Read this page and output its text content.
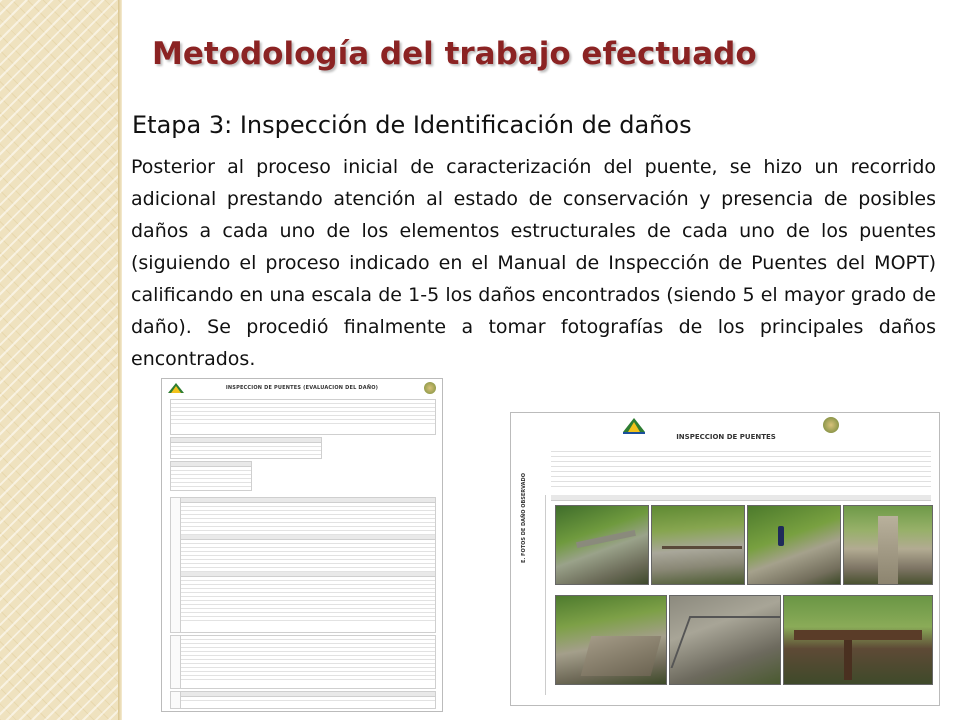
Metodología del trabajo efectuado
Etapa 3: Inspección de Identificación de daños

Posterior al proceso inicial de caracterización del puente, se hizo un recorrido adicional prestando atención al estado de conservación y presencia de posibles daños a cada uno de los elementos estructurales de cada uno de los puentes (siguiendo el proceso indicado en el Manual de Inspección de Puentes del MOPT) calificando en una escala de 1-5 los daños encontrados (siendo 5 el mayor grado de daño). Se procedió finalmente a tomar fotografías de los principales daños encontrados.

INSPECCION DE PUENTES (EVALUACION DEL DAÑO)
INSPECCION DE PUENTES
E. FOTOS DE DAÑO OBSERVADO
